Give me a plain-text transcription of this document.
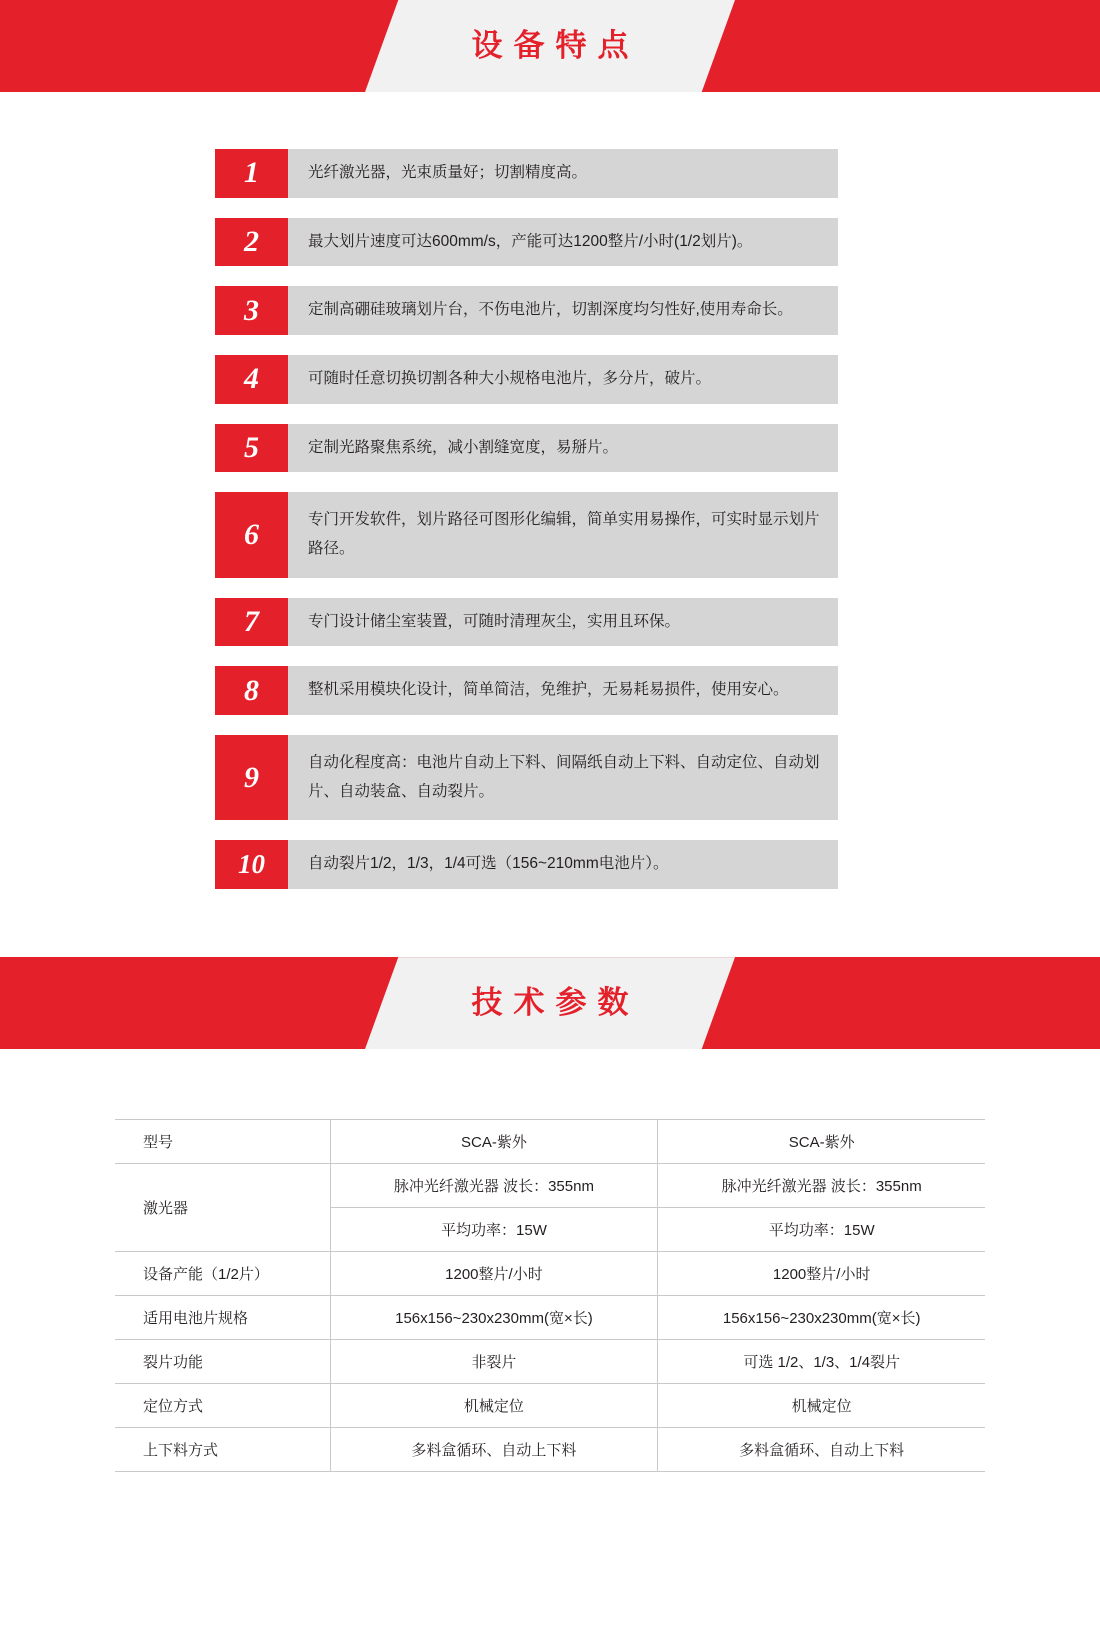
设备特点
1	光纤激光器，光束质量好；切割精度高。
2	最大划片速度可达600mm/s，产能可达1200整片/小时(1/2划片)。
3	定制高硼硅玻璃划片台，不伤电池片，切割深度均匀性好,使用寿命长。
4	可随时任意切换切割各种大小规格电池片，多分片，破片。
5	定制光路聚焦系统，减小割缝宽度，易掰片。
6	专门开发软件，划片路径可图形化编辑，简单实用易操作，可实时显示划片路径。
7	专门设计储尘室装置，可随时清理灰尘，实用且环保。
8	整机采用模块化设计，简单简洁，免维护，无易耗易损件，使用安心。
9	自动化程度高：电池片自动上下料、间隔纸自动上下料、自动定位、自动划片、自动装盒、自动裂片。
10	自动裂片1/2，1/3，1/4可选（156~210mm电池片）。
技术参数
型号	SCA-紫外	SCA-紫外
激光器	脉冲光纤激光器 波长：355nm	脉冲光纤激光器 波长：355nm
	平均功率：15W	平均功率：15W
设备产能（1/2片）	1200整片/小时	1200整片/小时
适用电池片规格	156x156~230x230mm(宽×长)	156x156~230x230mm(宽×长)
裂片功能	非裂片	可选 1/2、1/3、1/4裂片
定位方式	机械定位	机械定位
上下料方式	多料盒循环、自动上下料	多料盒循环、自动上下料
